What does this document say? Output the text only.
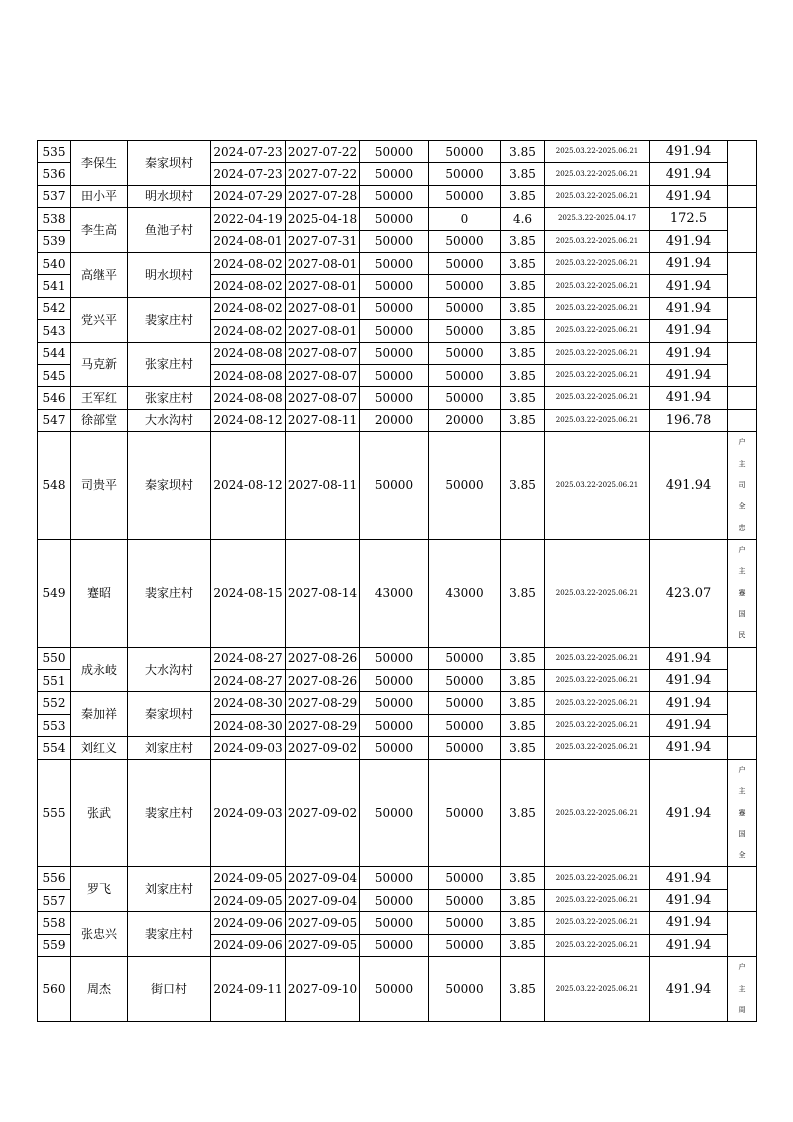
535	李保生	秦家坝村	2024-07-23	2027-07-22	50000	50000	3.85	2025.03.22-2025.06.21	491.94	

536			2024-07-23	2027-07-22	50000	50000	3.85	2025.03.22-2025.06.21	491.94	
537	田小平	明水坝村	2024-07-29	2027-07-28	50000	50000	3.85	2025.03.22-2025.06.21	491.94	

538	李生高	鱼池子村	2022-04-19	2025-04-18	50000	0	4.6	2025.3.22-2025.04.17	172.5	

539			2024-08-01	2027-07-31	50000	50000	3.85	2025.03.22-2025.06.21	491.94	
540	高继平	明水坝村	2024-08-02	2027-08-01	50000	50000	3.85	2025.03.22-2025.06.21	491.94	

541			2024-08-02	2027-08-01	50000	50000	3.85	2025.03.22-2025.06.21	491.94	
542	党兴平	裴家庄村	2024-08-02	2027-08-01	50000	50000	3.85	2025.03.22-2025.06.21	491.94	

543			2024-08-02	2027-08-01	50000	50000	3.85	2025.03.22-2025.06.21	491.94	
544	马克新	张家庄村	2024-08-08	2027-08-07	50000	50000	3.85	2025.03.22-2025.06.21	491.94	

545			2024-08-08	2027-08-07	50000	50000	3.85	2025.03.22-2025.06.21	491.94	
546	王军红	张家庄村	2024-08-08	2027-08-07	50000	50000	3.85	2025.03.22-2025.06.21	491.94	

547	徐部堂	大水沟村	2024-08-12	2027-08-11	20000	20000	3.85	2025.03.22-2025.06.21	196.78	

548	司贵平	秦家坝村	2024-08-12	2027-08-11	50000	50000	3.85	2025.03.22-2025.06.21	491.94	户
主
司
全
忠

549	蹇昭	裴家庄村	2024-08-15	2027-08-14	43000	43000	3.85	2025.03.22-2025.06.21	423.07	户
主
蹇
国
民

550	成永岐	大水沟村	2024-08-27	2027-08-26	50000	50000	3.85	2025.03.22-2025.06.21	491.94	

551			2024-08-27	2027-08-26	50000	50000	3.85	2025.03.22-2025.06.21	491.94	
552	秦加祥	秦家坝村	2024-08-30	2027-08-29	50000	50000	3.85	2025.03.22-2025.06.21	491.94	

553			2024-08-30	2027-08-29	50000	50000	3.85	2025.03.22-2025.06.21	491.94	
554	刘红义	刘家庄村	2024-09-03	2027-09-02	50000	50000	3.85	2025.03.22-2025.06.21	491.94	

555	张武	裴家庄村	2024-09-03	2027-09-02	50000	50000	3.85	2025.03.22-2025.06.21	491.94	户
主
蹇
国
全

556	罗飞	刘家庄村	2024-09-05	2027-09-04	50000	50000	3.85	2025.03.22-2025.06.21	491.94	

557			2024-09-05	2027-09-04	50000	50000	3.85	2025.03.22-2025.06.21	491.94	
558	张忠兴	裴家庄村	2024-09-06	2027-09-05	50000	50000	3.85	2025.03.22-2025.06.21	491.94	

559			2024-09-06	2027-09-05	50000	50000	3.85	2025.03.22-2025.06.21	491.94	
560	周杰	街口村	2024-09-11	2027-09-10	50000	50000	3.85	2025.03.22-2025.06.21	491.94	户
主
周
